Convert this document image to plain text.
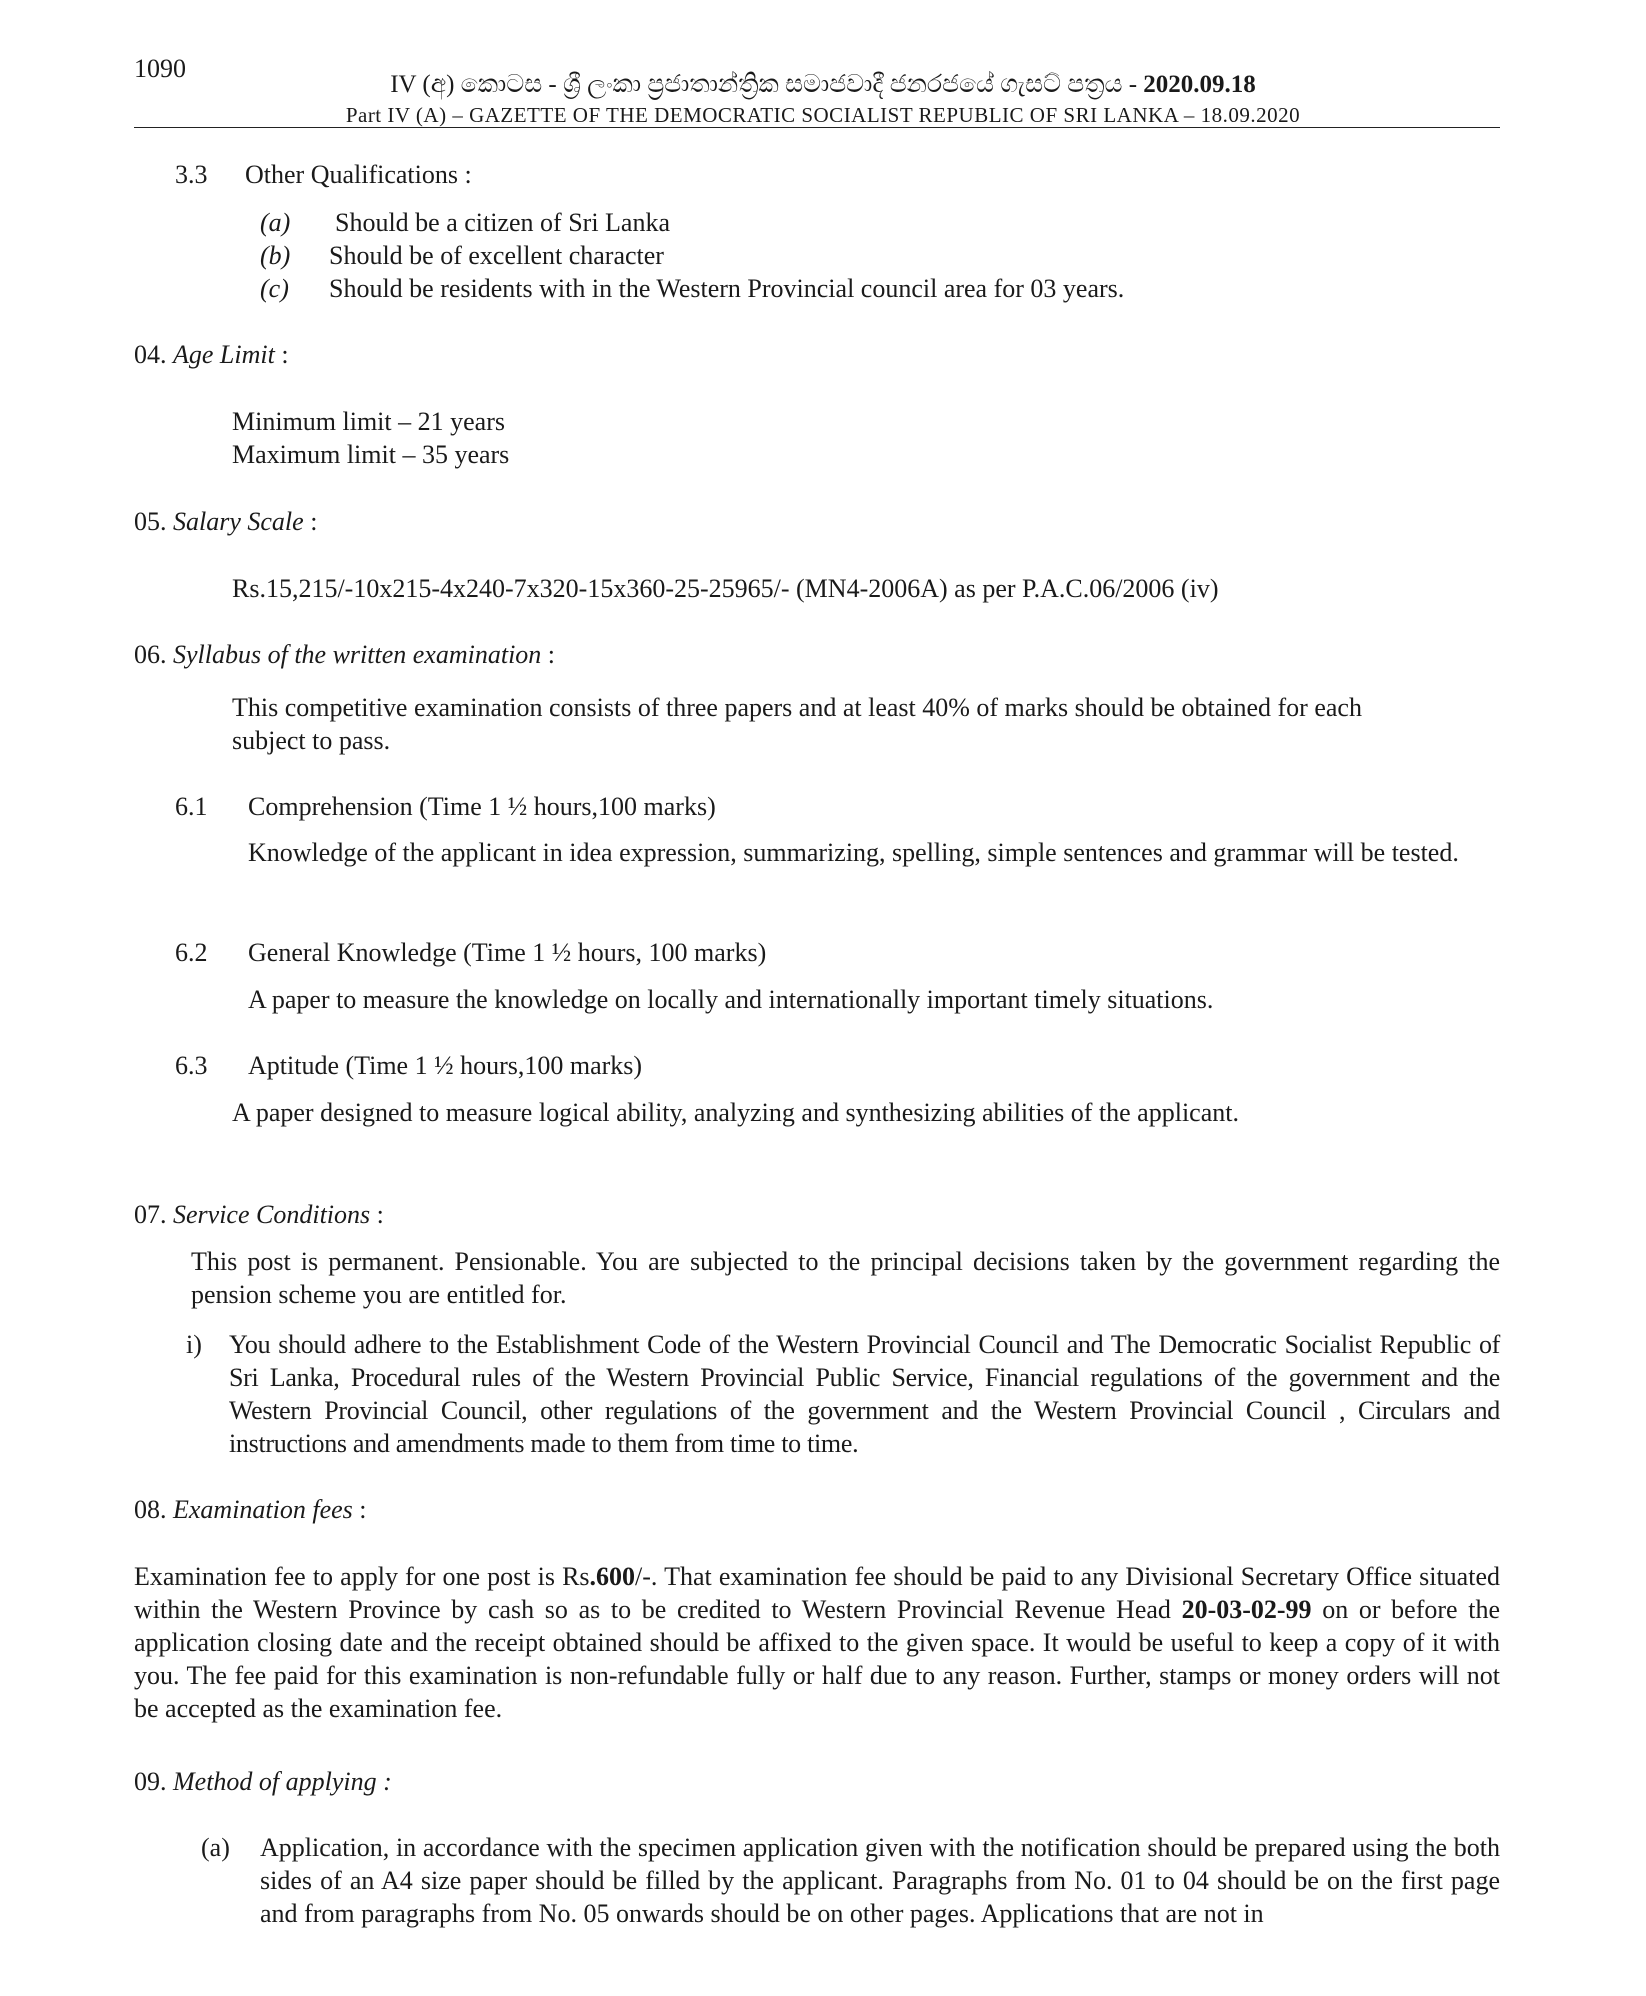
1090
IV (අ) කොටස - ශ්‍රී ලංකා ප්‍රජාතාන්ත්‍රික සමාජවාදී ජනරජයේ ගැසට් පත්‍රය - 2020.09.18
Part IV (A) – GAZETTE OF THE DEMOCRATIC SOCIALIST REPUBLIC OF SRI LANKA – 18.09.2020
3.3 Other Qualifications :
(a) Should be a citizen of Sri Lanka
(b) Should be of excellent character
(c) Should be residents with in the Western Provincial council area for 03 years.
04. Age Limit :
Minimum limit – 21 years
Maximum limit – 35 years
05. Salary Scale :
Rs.15,215/-10x215-4x240-7x320-15x360-25-25965/- (MN4-2006A) as per P.A.C.06/2006 (iv)
06. Syllabus of the written examination :
This competitive examination consists of three papers and at least 40% of marks should be obtained for each subject to pass.
6.1 Comprehension (Time 1 ½ hours,100 marks)
Knowledge of the applicant in idea expression, summarizing, spelling, simple sentences and grammar will be tested.
6.2 General Knowledge (Time 1 ½ hours, 100 marks)
A paper to measure the knowledge on locally and internationally important timely situations.
6.3 Aptitude (Time 1 ½ hours,100 marks)
A paper designed to measure logical ability, analyzing and synthesizing abilities of the applicant.
07. Service Conditions :
This post is permanent. Pensionable. You are subjected to the principal decisions taken by the government regarding the pension scheme you are entitled for.
i) You should adhere to the Establishment Code of the Western Provincial Council and The Democratic Socialist Republic of Sri Lanka, Procedural rules of the Western Provincial Public Service, Financial regulations of the government and the Western Provincial Council, other regulations of the government and the Western Provincial Council , Circulars and instructions and amendments made to them from time to time.
08. Examination fees :
Examination fee to apply for one post is Rs.600/-. That examination fee should be paid to any Divisional Secretary Office situated within the Western Province by cash so as to be credited to Western Provincial Revenue Head 20-03-02-99 on or before the application closing date and the receipt obtained should be affixed to the given space. It would be useful to keep a copy of it with you. The fee paid for this examination is non-refundable fully or half due to any reason. Further, stamps or money orders will not be accepted as the examination fee.
09. Method of applying :
(a) Application, in accordance with the specimen application given with the notification should be prepared using the both sides of an A4 size paper should be filled by the applicant. Paragraphs from No. 01 to 04 should be on the first page and from paragraphs from No. 05 onwards should be on other pages. Applications that are not in
